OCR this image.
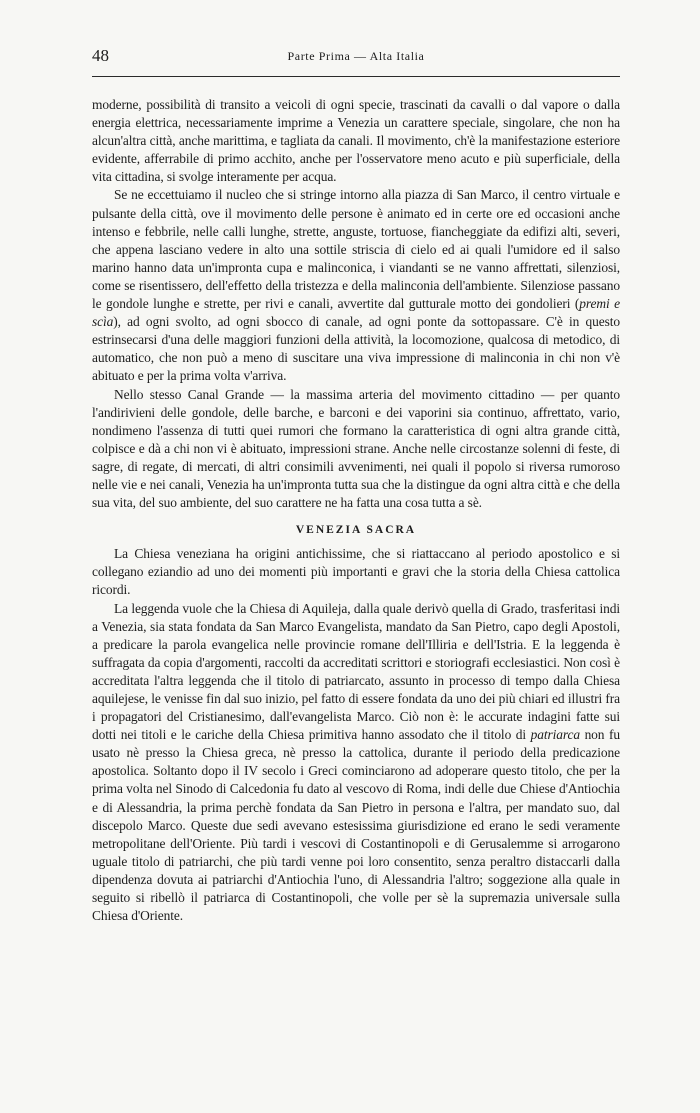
48	Parte Prima — Alta Italia

moderne, possibilità di transito a veicoli di ogni specie, trascinati da cavalli o dal vapore o dalla energia elettrica, necessariamente imprime a Venezia un carattere speciale, singolare, che non ha alcun'altra città, anche marittima, e tagliata da canali. Il movimento, ch'è la manifestazione esteriore evidente, afferrabile di primo acchito, anche per l'osservatore meno acuto e più superficiale, della vita cittadina, si svolge interamente per acqua.

Se ne eccettuiamo il nucleo che si stringe intorno alla piazza di San Marco, il centro virtuale e pulsante della città, ove il movimento delle persone è animato ed in certe ore ed occasioni anche intenso e febbrile, nelle calli lunghe, strette, anguste, tortuose, fiancheggiate da edifizi alti, severi, che appena lasciano vedere in alto una sottile striscia di cielo ed ai quali l'umidore ed il salso marino hanno data un'impronta cupa e malinconica, i viandanti se ne vanno affrettati, silenziosi, come se risentissero, dell'effetto della tristezza e della malinconia dell'ambiente. Silenziose passano le gondole lunghe e strette, per rivi e canali, avvertite dal gutturale motto dei gondolieri (premi e scìa), ad ogni svolto, ad ogni sbocco di canale, ad ogni ponte da sottopassare. C'è in questo estrinsecarsi d'una delle maggiori funzioni della attività, la locomozione, qualcosa di metodico, di automatico, che non può a meno di suscitare una viva impressione di malinconia in chi non v'è abituato e per la prima volta v'arriva.

Nello stesso Canal Grande — la massima arteria del movimento cittadino — per quanto l'andirivieni delle gondole, delle barche, e barconi e dei vaporini sia continuo, affrettato, vario, nondimeno l'assenza di tutti quei rumori che formano la caratteristica di ogni altra grande città, colpisce e dà a chi non vi è abituato, impressioni strane. Anche nelle circostanze solenni di feste, di sagre, di regate, di mercati, di altri consimili avvenimenti, nei quali il popolo si riversa rumoroso nelle vie e nei canali, Venezia ha un'impronta tutta sua che la distingue da ogni altra città e che della sua vita, del suo ambiente, del suo carattere ne ha fatta una cosa tutta a sè.

VENEZIA SACRA

La Chiesa veneziana ha origini antichissime, che si riattaccano al periodo apostolico e si collegano eziandio ad uno dei momenti più importanti e gravi che la storia della Chiesa cattolica ricordi.

La leggenda vuole che la Chiesa di Aquileja, dalla quale derivò quella di Grado, trasferitasi indi a Venezia, sia stata fondata da San Marco Evangelista, mandato da San Pietro, capo degli Apostoli, a predicare la parola evangelica nelle provincie romane dell'Illiria e dell'Istria. E la leggenda è suffragata da copia d'argomenti, raccolti da accreditati scrittori e storiografi ecclesiastici. Non così è accreditata l'altra leggenda che il titolo di patriarcato, assunto in processo di tempo dalla Chiesa aquilejese, le venisse fin dal suo inizio, pel fatto di essere fondata da uno dei più chiari ed illustri fra i propagatori del Cristianesimo, dall'evangelista Marco. Ciò non è: le accurate indagini fatte sui dotti nei titoli e le cariche della Chiesa primitiva hanno assodato che il titolo di patriarca non fu usato nè presso la Chiesa greca, nè presso la cattolica, durante il periodo della predicazione apostolica. Soltanto dopo il IV secolo i Greci cominciarono ad adoperare questo titolo, che per la prima volta nel Sinodo di Calcedonia fu dato al vescovo di Roma, indi delle due Chiese d'Antiochia e di Alessandria, la prima perchè fondata da San Pietro in persona e l'altra, per mandato suo, dal discepolo Marco. Queste due sedi avevano estesissima giurisdizione ed erano le sedi veramente metropolitane dell'Oriente. Più tardi i vescovi di Costantinopoli e di Gerusalemme si arrogarono uguale titolo di patriarchi, che più tardi venne poi loro consentito, senza peraltro distaccarli dalla dipendenza dovuta ai patriarchi d'Antiochia l'uno, di Alessandria l'altro; soggezione alla quale in seguito si ribellò il patriarca di Costantinopoli, che volle per sè la supremazia universale sulla Chiesa d'Oriente.
